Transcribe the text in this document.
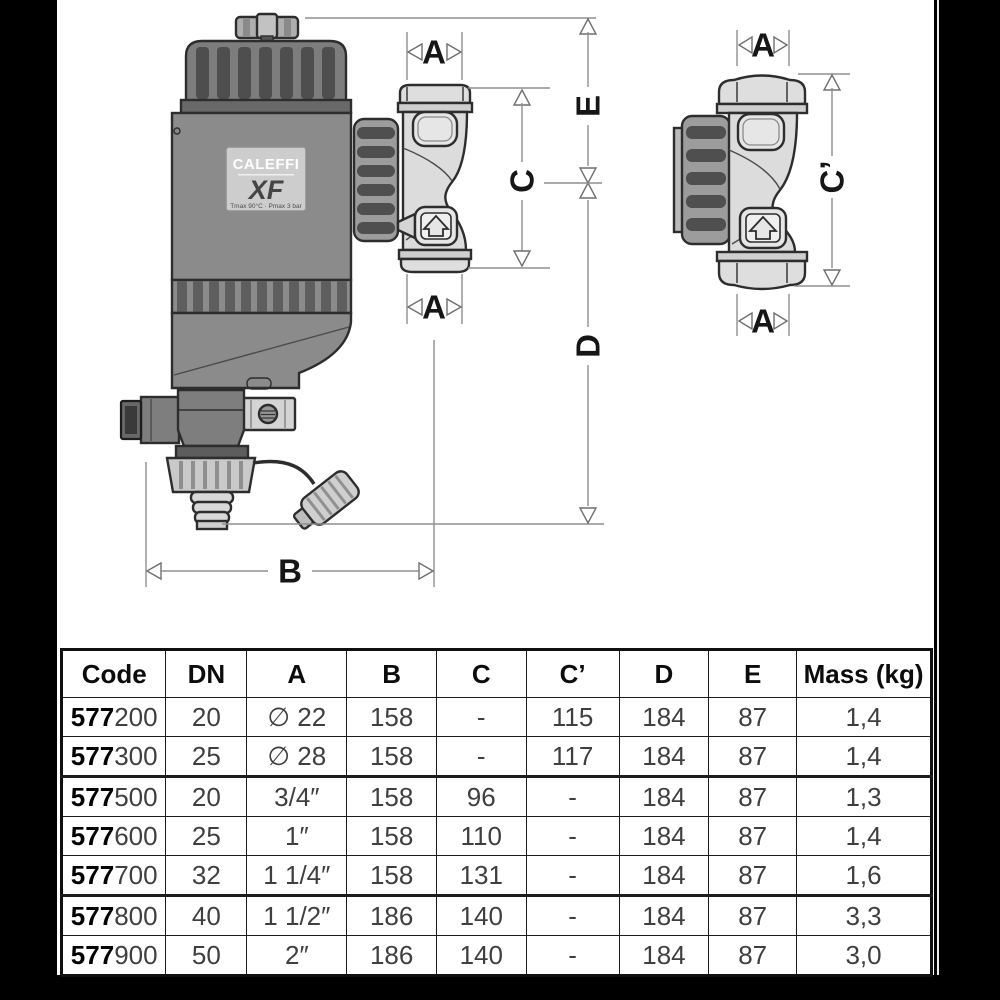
CALEFFI
XF
Tmax 90°C · Pmax 3 bar
E
D
C
A
A
B
A
A
C’
Code	DN	A	B	C	C’	D	E	Mass (kg)
577200	20	∅ 22	158	-	115	184	87	1,4
577300	25	∅ 28	158	-	117	184	87	1,4
577500	20	3/4″	158	96	-	184	87	1,3
577600	25	1″	158	110	-	184	87	1,4
577700	32	1 1/4″	158	131	-	184	87	1,6
577800	40	1 1/2″	186	140	-	184	87	3,3
577900	50	2″	186	140	-	184	87	3,0
